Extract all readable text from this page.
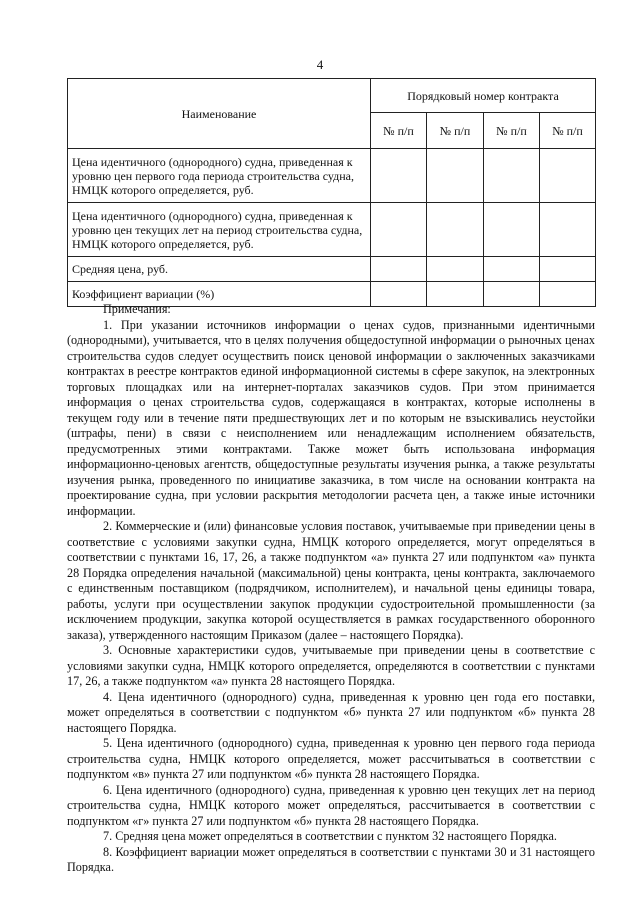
4
Наименование	Порядковый номер контракта			
	№ п/п	№ п/п	№ п/п	№ п/п
Цена идентичного (однородного) судна, приведенная к уровню цен первого года периода строительства судна, НМЦК которого определяется, руб.				
Цена идентичного (однородного) судна, приведенная к уровню цен текущих лет на период строительства судна, НМЦК которого определяется, руб.				
Средняя цена, руб.				
Коэффициент вариации (%)				

Примечания:

1. При указании источников информации о ценах судов, признанными идентичными (однородными), учитывается, что в целях получения общедоступной информации о рыночных ценах строительства судов следует осуществить поиск ценовой информации о заключенных заказчиками контрактах в реестре контрактов единой информационной системы в сфере закупок, на электронных торговых площадках или на интернет-порталах заказчиков судов. При этом принимается информация о ценах строительства судов, содержащаяся в контрактах, которые исполнены в текущем году или в течение пяти предшествующих лет и по которым не взыскивались неустойки (штрафы, пени) в связи с неисполнением или ненадлежащим исполнением обязательств, предусмотренных этими контрактами. Также может быть использована информация информационно-ценовых агентств, общедоступные результаты изучения рынка, а также результаты изучения рынка, проведенного по инициативе заказчика, в том числе на основании контракта на проектирование судна, при условии раскрытия методологии расчета цен, а также иные источники информации.

2. Коммерческие и (или) финансовые условия поставок, учитываемые при приведении цены в соответствие с условиями закупки судна, НМЦК которого определяется, могут определяться в соответствии с пунктами 16, 17, 26, а также подпунктом «а» пункта 27 или подпунктом «а» пункта 28 Порядка определения начальной (максимальной) цены контракта, цены контракта, заключаемого с единственным поставщиком (подрядчиком, исполнителем), и начальной цены единицы товара, работы, услуги при осуществлении закупок продукции судостроительной промышленности (за исключением продукции, закупка которой осуществляется в рамках государственного оборонного заказа), утвержденного настоящим Приказом (далее – настоящего Порядка).

3. Основные характеристики судов, учитываемые при приведении цены в соответствие с условиями закупки судна, НМЦК которого определяется, определяются в соответствии с пунктами 17, 26, а также подпунктом «а» пункта 28 настоящего Порядка.

4. Цена идентичного (однородного) судна, приведенная к уровню цен года его поставки, может определяться в соответствии с подпунктом «б» пункта 27 или подпунктом «б» пункта 28 настоящего Порядка.

5. Цена идентичного (однородного) судна, приведенная к уровню цен первого года периода строительства судна, НМЦК которого определяется, может рассчитываться в соответствии с подпунктом «в» пункта 27 или подпунктом «б» пункта 28 настоящего Порядка.

6. Цена идентичного (однородного) судна, приведенная к уровню цен текущих лет на период строительства судна, НМЦК которого может определяться, рассчитывается в соответствии с подпунктом «г» пункта 27 или подпунктом «б» пункта 28 настоящего Порядка.

7. Средняя цена может определяться в соответствии с пунктом 32 настоящего Порядка.

8. Коэффициент вариации может определяться в соответствии с пунктами 30 и 31 настоящего Порядка.
